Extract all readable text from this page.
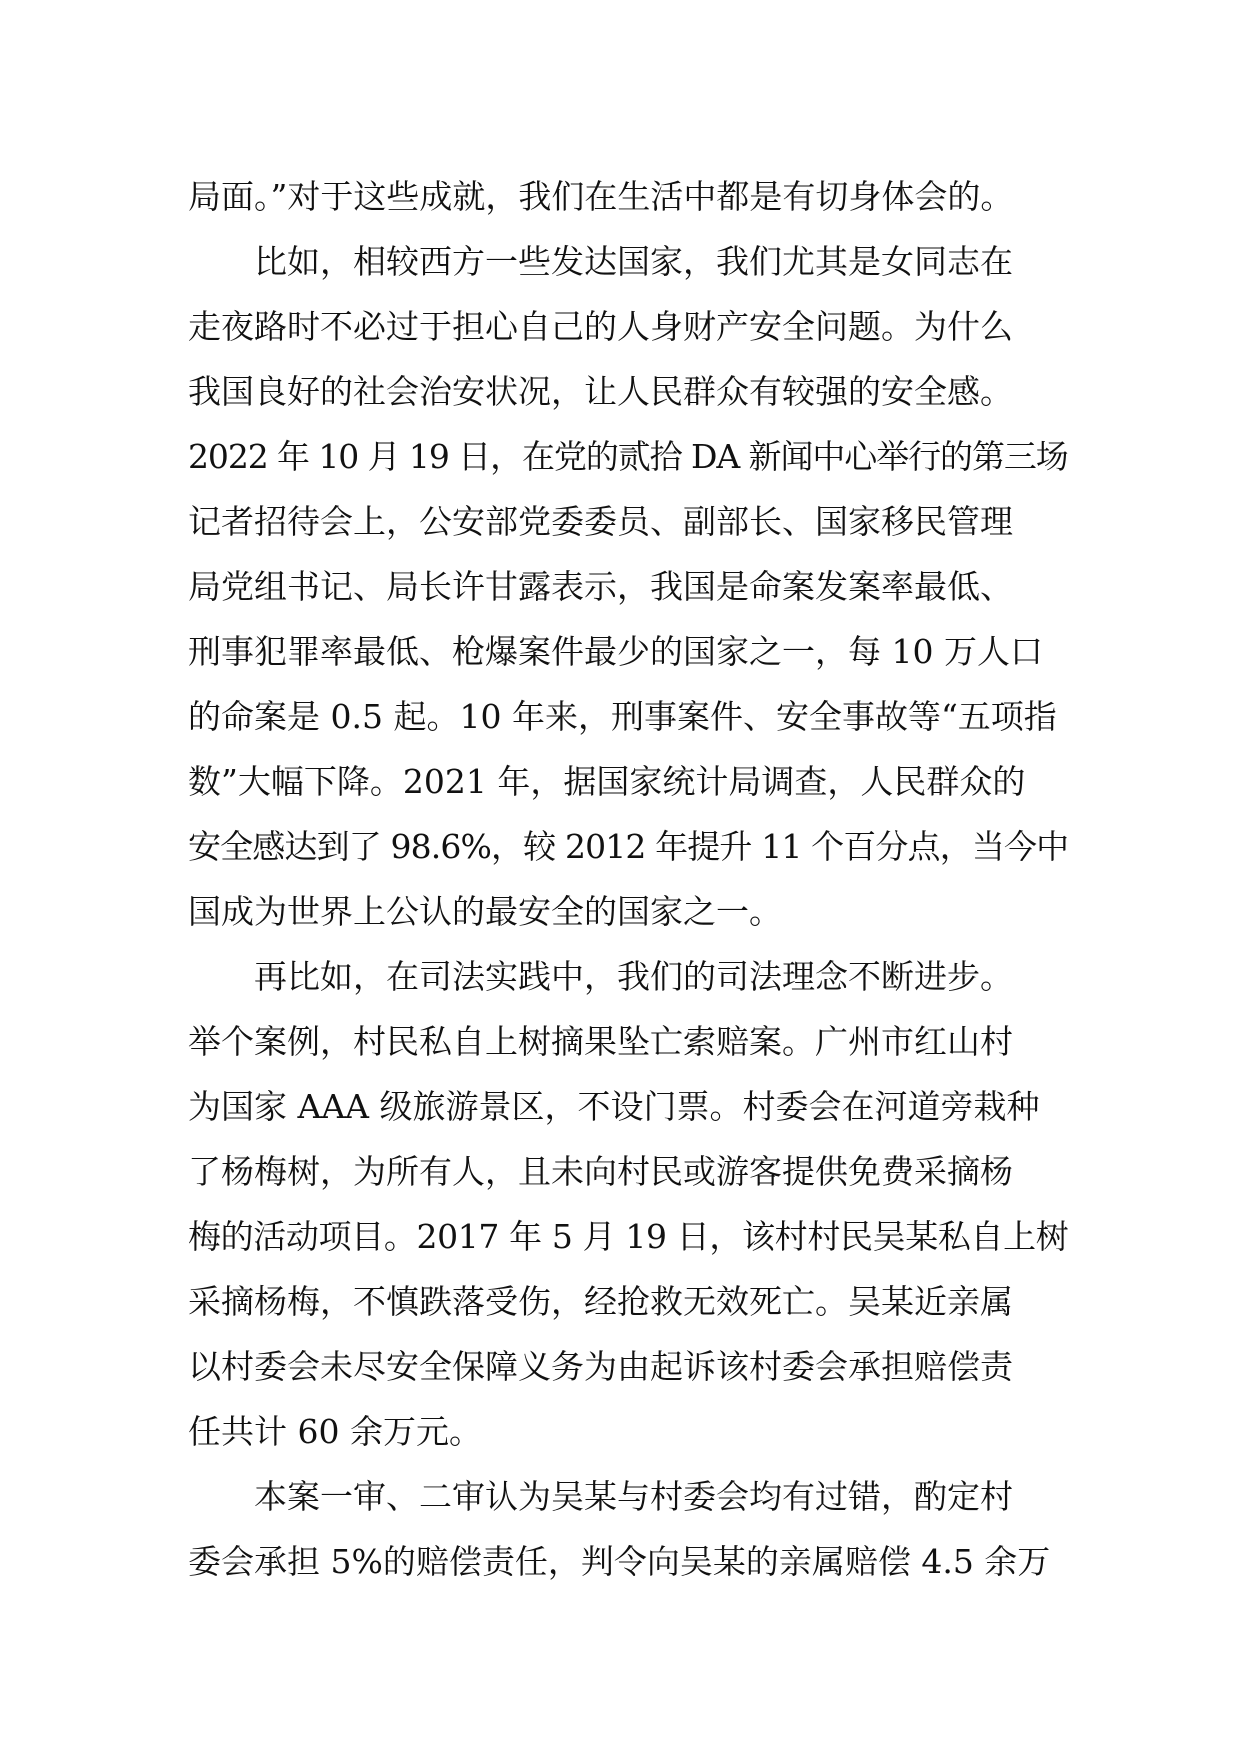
局面。”对于这些成就，我们在生活中都是有切身体会的。
比如，相较西方一些发达国家，我们尤其是女同志在
走夜路时不必过于担心自己的人身财产安全问题。为什么
我国良好的社会治安状况，让人民群众有较强的安全感。
2022 年 10 月 19 日，在党的贰拾 DA 新闻中心举行的第三场
记者招待会上，公安部党委委员、副部长、国家移民管理
局党组书记、局长许甘露表示，我国是命案发案率最低、
刑事犯罪率最低、枪爆案件最少的国家之一，每 10 万人口
的命案是 0.5 起。10 年来，刑事案件、安全事故等“五项指
数”大幅下降。2021 年，据国家统计局调查，人民群众的
安全感达到了 98.6%，较 2012 年提升 11 个百分点，当今中
国成为世界上公认的最安全的国家之一。
再比如，在司法实践中，我们的司法理念不断进步。
举个案例，村民私自上树摘果坠亡索赔案。广州市红山村
为国家 AAA 级旅游景区，不设门票。村委会在河道旁栽种
了杨梅树，为所有人，且未向村民或游客提供免费采摘杨
梅的活动项目。2017 年 5 月 19 日，该村村民吴某私自上树
采摘杨梅，不慎跌落受伤，经抢救无效死亡。吴某近亲属
以村委会未尽安全保障义务为由起诉该村委会承担赔偿责
任共计 60 余万元。
本案一审、二审认为吴某与村委会均有过错，酌定村
委会承担 5%的赔偿责任，判令向吴某的亲属赔偿 4.5 余万
